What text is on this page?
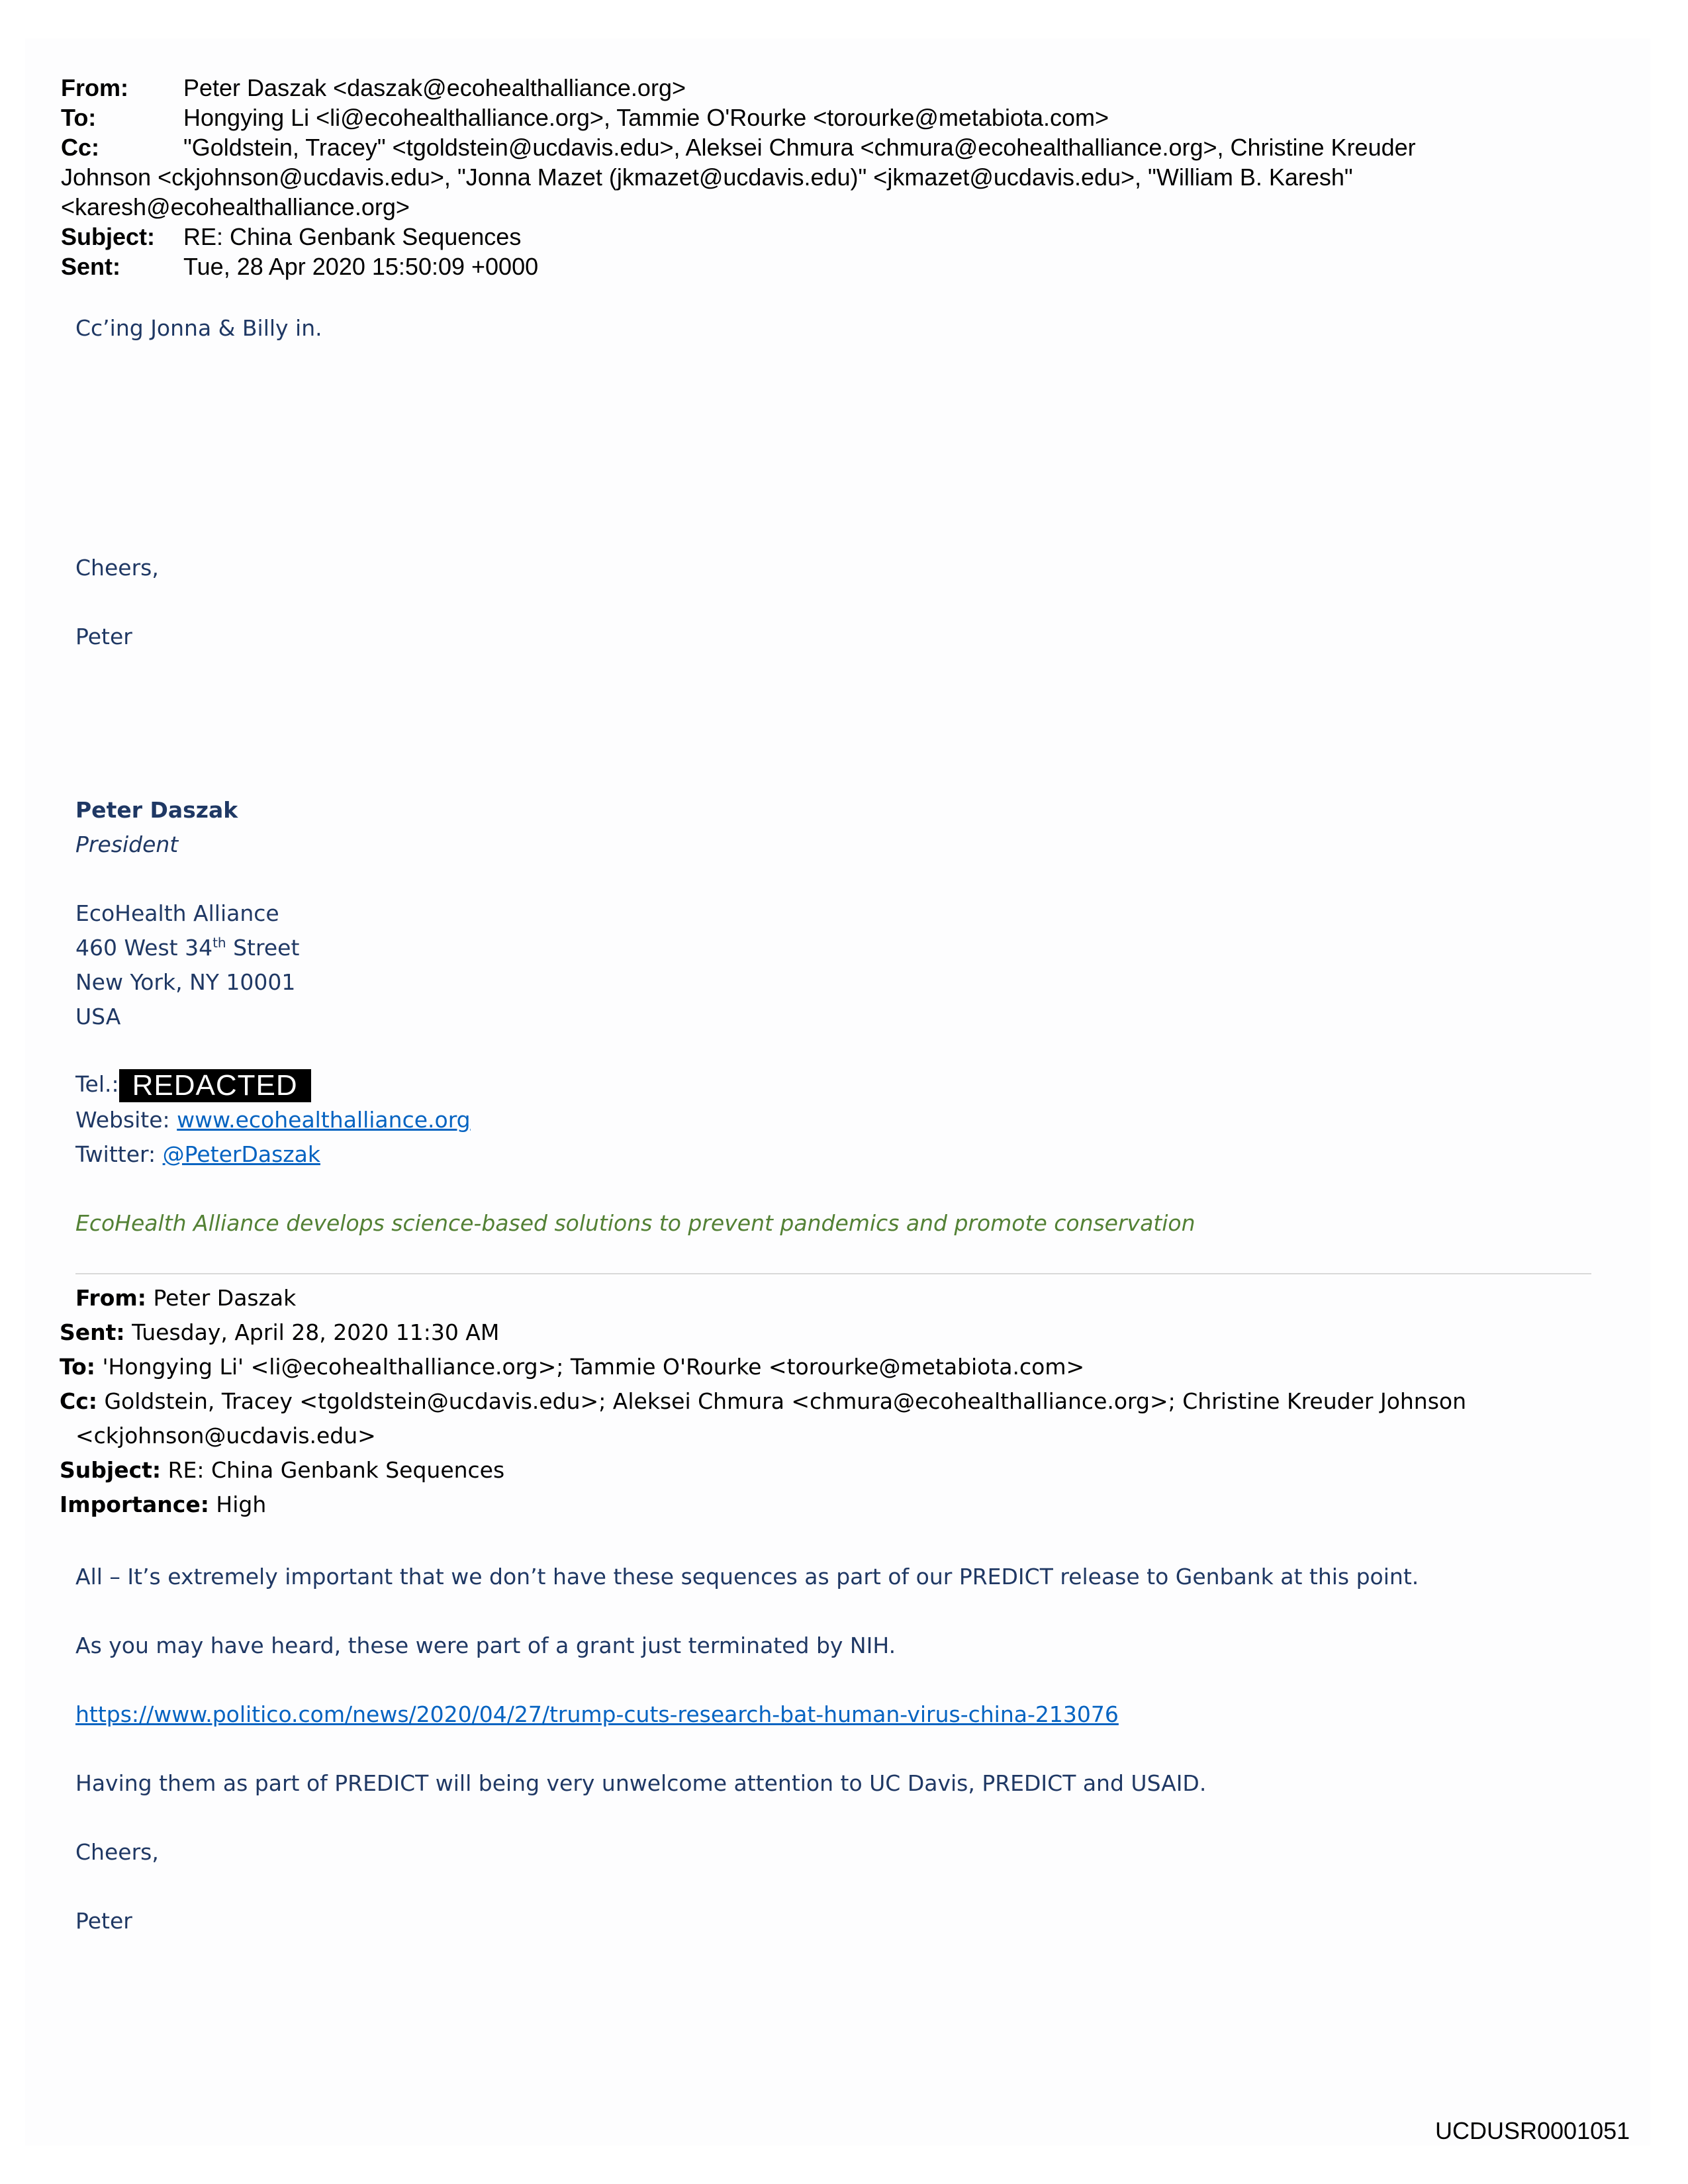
From: Peter Daszak <daszak@ecohealthalliance.org>
To:	Hongying Li <li@ecohealthalliance.org>, Tammie O'Rourke <torourke@metabiota.com>
Cc:	"Goldstein, Tracey" <tgoldstein@ucdavis.edu>, Aleksei Chmura <chmura@ecohealthalliance.org>, Christine Kreuder
Johnson <ckjohnson@ucdavis.edu>, "Jonna Mazet (jkmazet@ucdavis.edu)" <jkmazet@ucdavis.edu>, "William B. Karesh"
<karesh@ecohealthalliance.org>
Subject: RE: China Genbank Sequences
Sent:	Tue, 28 Apr 2020 15:50:09 +0000
Cc’ing Jonna & Billy in.
Cheers,
Peter
Peter Daszak
President
EcoHealth Alliance
460 West 34th Street
New York, NY 10001
USA
Tel.: REDACTED
Website: www.ecohealthalliance.org
Twitter: @PeterDaszak
EcoHealth Alliance develops science-based solutions to prevent pandemics and promote conservation
From: Peter Daszak
Sent: Tuesday, April 28, 2020 11:30 AM
To: 'Hongying Li' <li@ecohealthalliance.org>; Tammie O'Rourke <torourke@metabiota.com>
Cc: Goldstein, Tracey <tgoldstein@ucdavis.edu>; Aleksei Chmura <chmura@ecohealthalliance.org>; Christine Kreuder Johnson
<ckjohnson@ucdavis.edu>
Subject: RE: China Genbank Sequences
Importance: High
All – It’s extremely important that we don’t have these sequences as part of our PREDICT release to Genbank at this point.
As you may have heard, these were part of a grant just terminated by NIH.
https://www.politico.com/news/2020/04/27/trump-cuts-research-bat-human-virus-china-213076
Having them as part of PREDICT will being very unwelcome attention to UC Davis, PREDICT and USAID.
Cheers,
Peter
UCDUSR0001051
